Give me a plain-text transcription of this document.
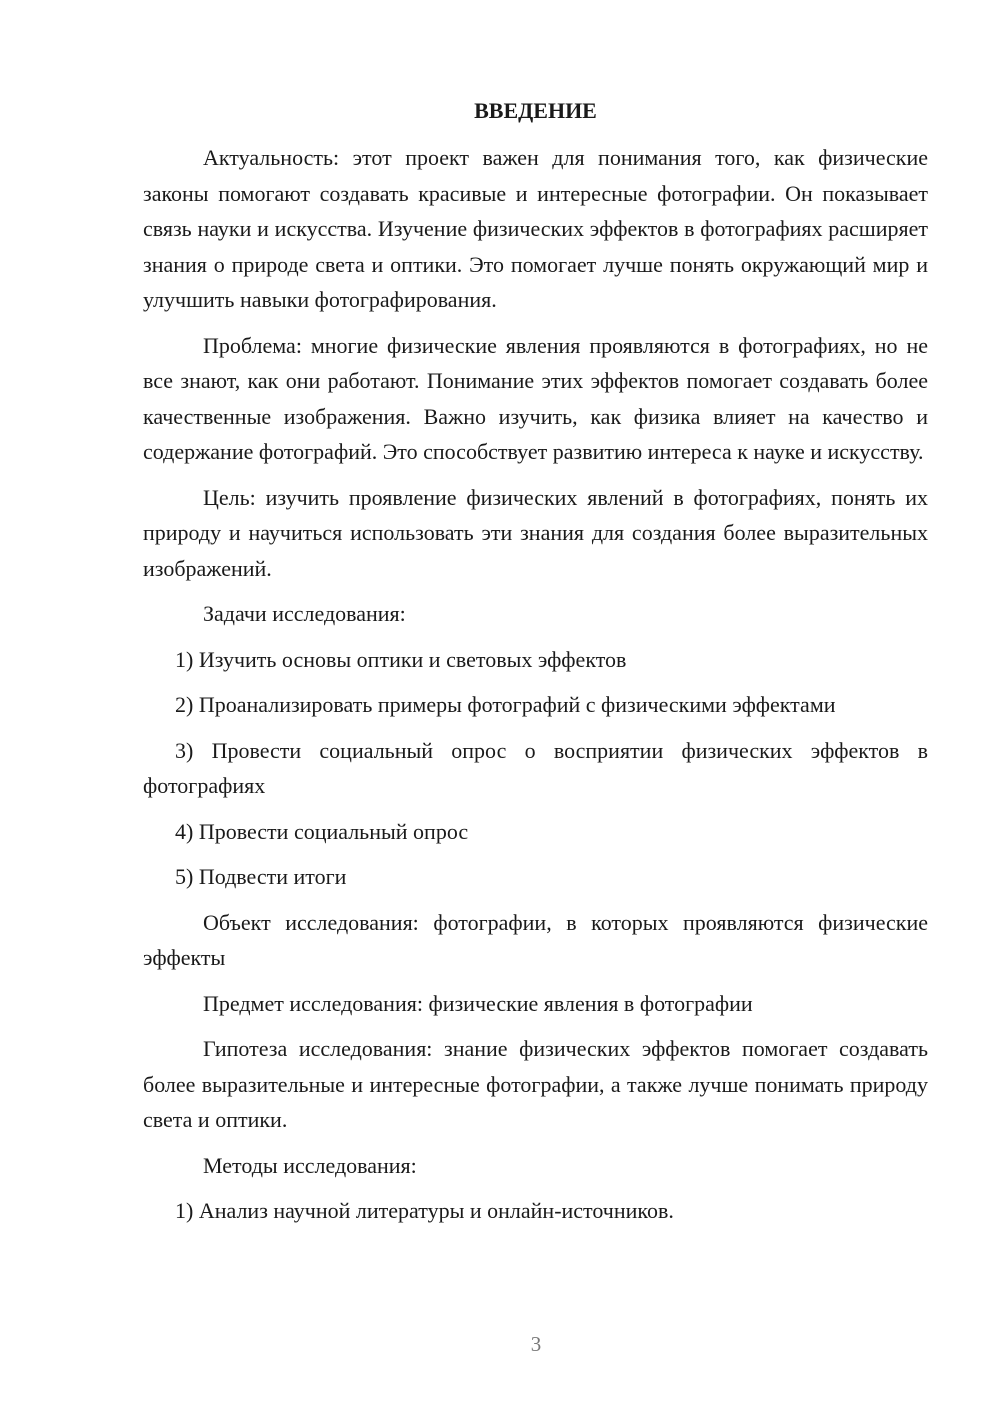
ВВЕДЕНИЕ

Актуальность: этот проект важен для понимания того, как физические законы помогают создавать красивые и интересные фотографии. Он показывает связь науки и искусства. Изучение физических эффектов в фотографиях расширяет знания о природе света и оптики. Это помогает лучше понять окружающий мир и улучшить навыки фотографирования.

Проблема: многие физические явления проявляются в фотографиях, но не все знают, как они работают. Понимание этих эффектов помогает создавать более качественные изображения. Важно изучить, как физика влияет на качество и содержание фотографий. Это способствует развитию интереса к науке и искусству.

Цель: изучить проявление физических явлений в фотографиях, понять их природу и научиться использовать эти знания для создания более выразительных изображений.

Задачи исследования:

1) Изучить основы оптики и световых эффектов

2) Проанализировать примеры фотографий с физическими эффектами

3) Провести социальный опрос о восприятии физических эффектов в фотографиях

4) Провести социальный опрос

5) Подвести итоги

Объект исследования: фотографии, в которых проявляются физические эффекты

Предмет исследования: физические явления в фотографии

Гипотеза исследования: знание физических эффектов помогает создавать более выразительные и интересные фотографии, а также лучше понимать природу света и оптики.

Методы исследования:

1) Анализ научной литературы и онлайн-источников.

3
